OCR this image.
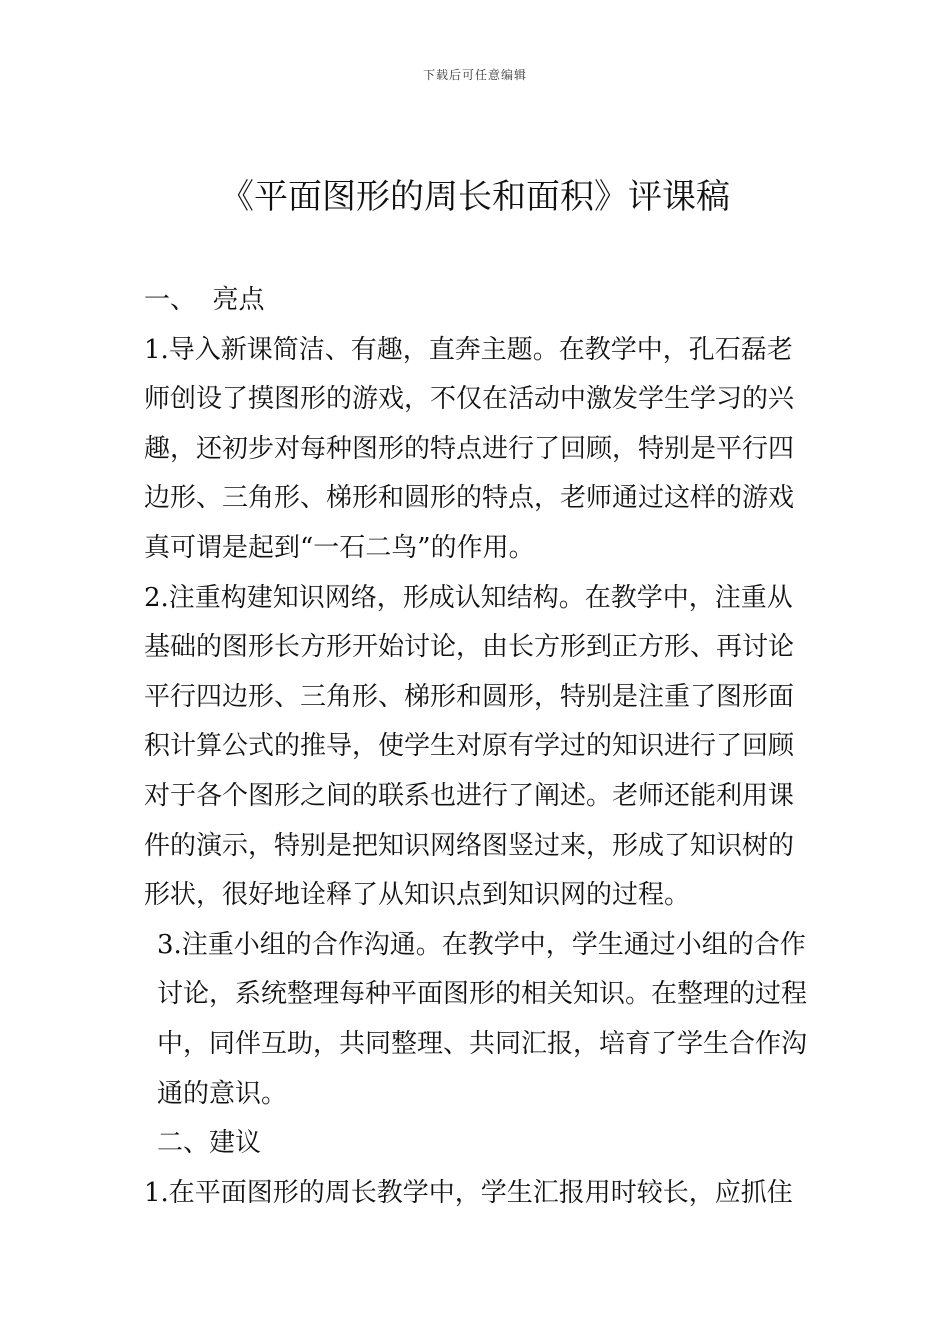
下载后可任意编辑
《平面图形的周长和面积》评课稿

一、  亮点

1.导入新课简洁、有趣，直奔主题。在教学中，孔石磊老师创设了摸图形的游戏，不仅在活动中激发学生学习的兴趣，还初步对每种图形的特点进行了回顾，特别是平行四边形、三角形、梯形和圆形的特点，老师通过这样的游戏真可谓是起到“一石二鸟”的作用。

2.注重构建知识网络，形成认知结构。在教学中，注重从基础的图形长方形开始讨论，由长方形到正方形、再讨论平行四边形、三角形、梯形和圆形，特别是注重了图形面积计算公式的推导，使学生对原有学过的知识进行了回顾对于各个图形之间的联系也进行了阐述。老师还能利用课件的演示，特别是把知识网络图竖过来，形成了知识树的形状，很好地诠释了从知识点到知识网的过程。

3.注重小组的合作沟通。在教学中，学生通过小组的合作讨论，系统整理每种平面图形的相关知识。在整理的过程中，同伴互助，共同整理、共同汇报，培育了学生合作沟通的意识。

二、建议

1.在平面图形的周长教学中，学生汇报用时较长，应抓住
